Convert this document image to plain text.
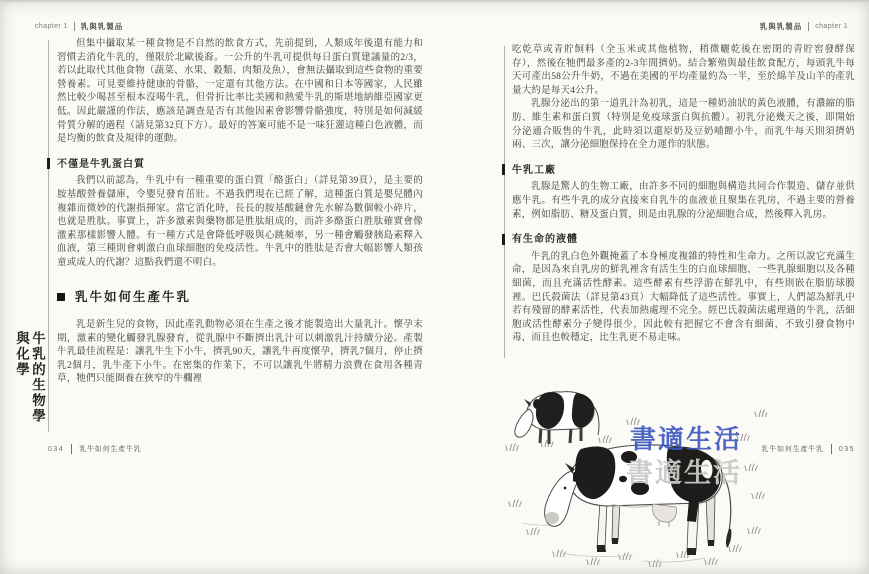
chapter 1 乳與乳製品

但集中攝取某一種食物是不自然的飲食方式，先前提到，人類成年後還有能力和習慣去消化牛乳的，僅限於北歐後裔。一公升的牛乳可提供每日蛋白質建議量的2/3，若以此取代其他食物（蔬菜、水果、穀類、肉類及魚），會無法攝取到這些食物的重要營養素。可見要維持健康的骨骼，一定還有其他方法。在中國和日本等國家，人民雖然比較少喝甚至根本沒喝牛乳，但骨折比率比美國和熱愛牛乳的斯堪地納維亞國家更低。因此嚴謹的作法，應該是調查是否有其他因素會影響骨骼強度，特別是如何減緩骨質分解的過程（請見第32頁下方）。最好的答案可能不是一味狂灌這種白色液體，而是均衡的飲食及規律的運動。

不僅是牛乳蛋白質

我們以前認為，牛乳中有一種重要的蛋白質「酪蛋白」（詳見第39頁），是主要的胺基酸營養儲庫，令嬰兒發育茁壯。不過我們現在已經了解，這種蛋白質是嬰兒體內複雜而微妙的代謝指揮家。當它消化時，長長的胺基酸鏈會先水解為數個較小碎片，也就是胜肽。事實上，許多激素與藥物都是胜肽組成的，而許多酪蛋白胜肽確實會像激素那樣影響人體。有一種方式是會降低呼吸與心跳頻率，另一種會觸發胰島素釋入血液，第三種則會刺激白血球細胞的免疫活性。牛乳中的胜肽是否會大幅影響人類孩童或成人的代謝？這點我們還不明白。

乳牛如何生產牛乳

乳是新生兒的食物，因此產乳動物必須在生產之後才能製造出大量乳汁。懷孕末期，激素的變化觸發乳腺發育，從乳腺中不斷擠出乳汁可以刺激乳汁持續分泌。產製牛乳最佳流程是：讓乳牛生下小牛，擠乳90天，讓乳牛再度懷孕，擠乳7個月，停止擠乳2個月，乳牛產下小牛。在密集的作業下，不可以讓乳牛將精力浪費在食用各種青草，牠們只能圈養在狹窄的牛欄裡

牛乳的生物學
與化學
034 乳牛如何生產牛乳
乳與乳製品 chapter 1

吃乾草或青貯飼料（全玉米或其他植物，稍微曬乾後在密閉的青貯窖發酵保存），然後在牠們最多產的2-3年間擠奶。結合繁殖與最佳飲食配方，每頭乳牛每天可產出58公升牛奶，不過在美國的平均產量約為一半，至於綿羊及山羊的產乳量大約是每天4公升。

乳腺分泌出的第一道乳汁為初乳，這是一種奶油狀的黃色液體，有濃縮的脂肪、維生素和蛋白質（特別是免疫球蛋白與抗體）。初乳分泌幾天之後，即開始分泌適合販售的牛乳，此時須以還原奶及豆奶哺餵小牛，而乳牛每天則須擠奶兩、三次，讓分泌細胞保持在全力運作的狀態。

牛乳工廠

乳腺是驚人的生物工廠，由許多不同的細胞與構造共同合作製造、儲存並供應牛乳。有些牛乳的成分直接來自乳牛的血液並且聚集在乳房，不過主要的營養素，例如脂肪、糖及蛋白質，則是由乳腺的分泌細胞合成，然後釋入乳房。

有生命的液體

牛乳的乳白色外觀掩蓋了本身極度複雜的特性和生命力。之所以說它充滿生命，是因為來自乳房的鮮乳裡含有活生生的白血球細胞、一些乳腺細胞以及各種細菌，而且充滿活性酵素。這些酵素有些浮游在鮮乳中，有些則嵌在脂肪球膜裡。巴氏殺菌法（詳見第43頁）大幅降低了這些活性。事實上，人們認為鮮乳中若有殘留的酵素活性，代表加熱處理不完全。經巴氏殺菌法處理過的牛乳，活細胞或活性酵素分子變得很少，因此較有把握它不會含有細菌，不致引發食物中毒，而且也較穩定，比生乳更不易走味。

書適生活
書適生活	乳牛如何生產牛乳 035
